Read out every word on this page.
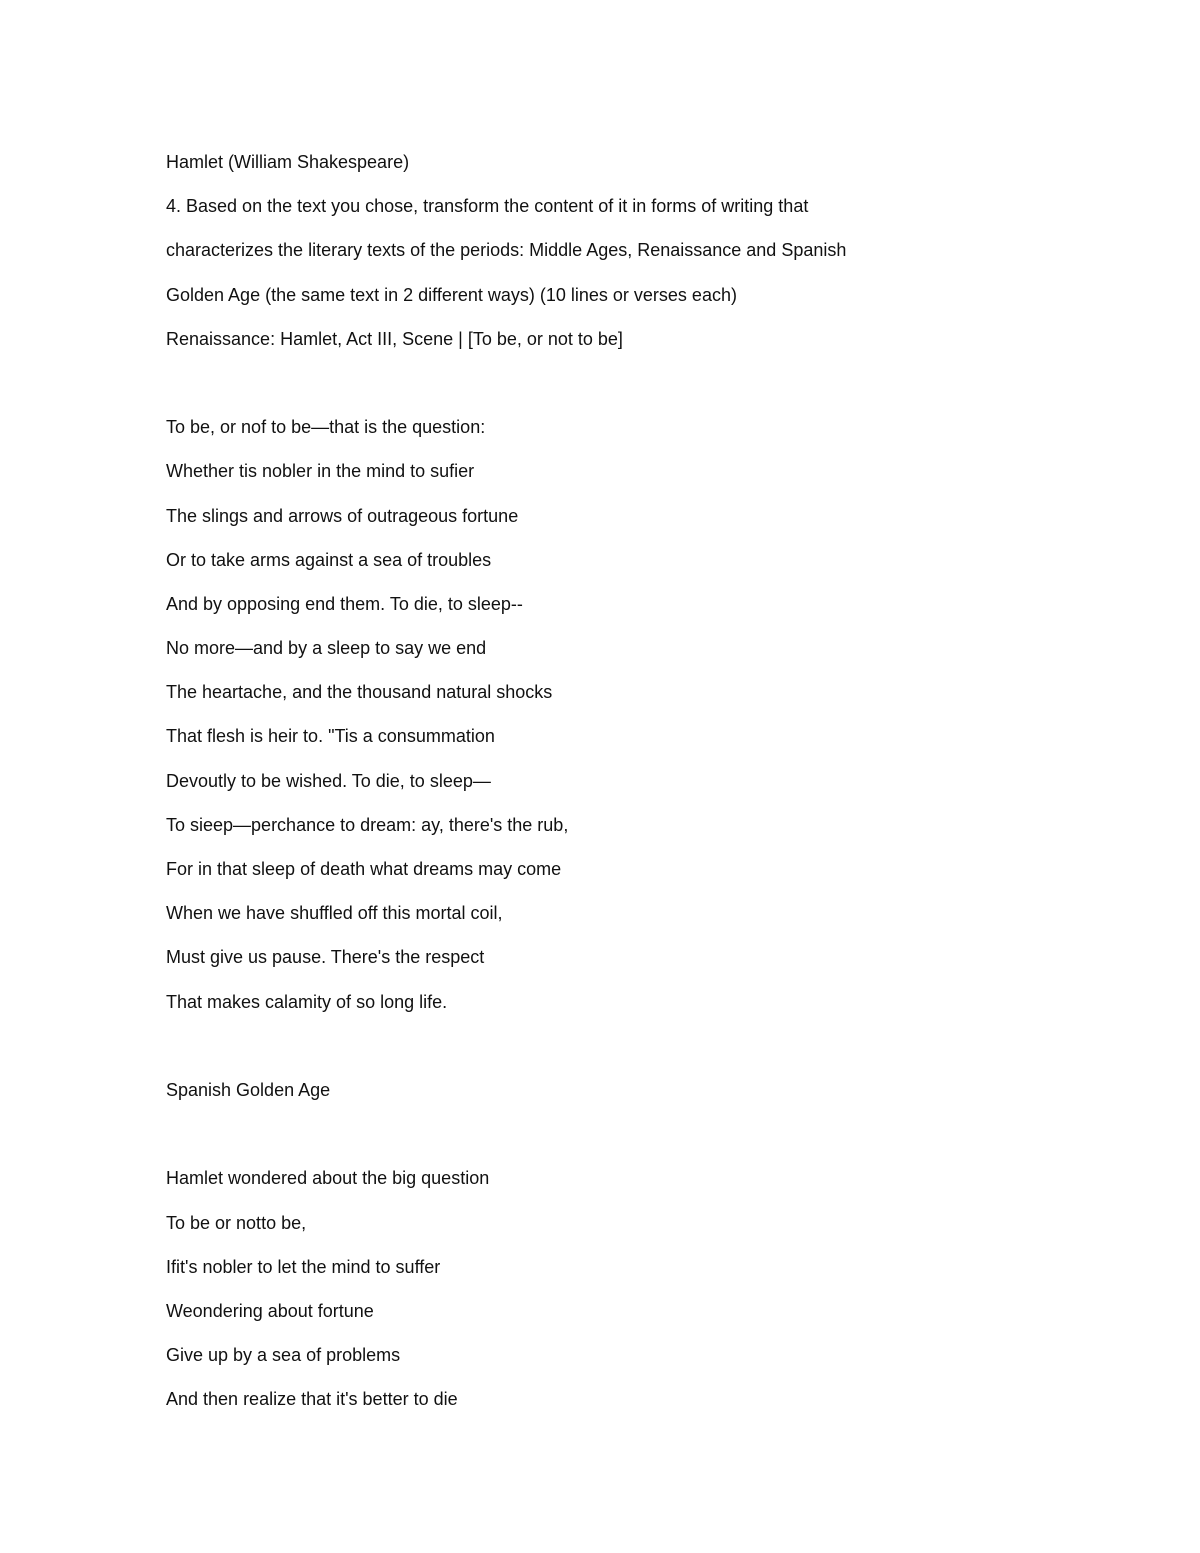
Hamlet (William Shakespeare)
4. Based on the text you chose, transform the content of it in forms of writing that
characterizes the literary texts of the periods: Middle Ages, Renaissance and Spanish
Golden Age (the same text in 2 different ways) (10 lines or verses each)
Renaissance: Hamlet, Act III, Scene | [To be, or not to be]
To be, or nof to be—that is the question:
Whether tis nobler in the mind to sufier
The slings and arrows of outrageous fortune
Or to take arms against a sea of troubles
And by opposing end them. To die, to sleep--
No more—and by a sleep to say we end
The heartache, and the thousand natural shocks
That flesh is heir to. "Tis a consummation
Devoutly to be wished. To die, to sleep—
To sieep—perchance to dream: ay, there's the rub,
For in that sleep of death what dreams may come
When we have shuffled off this mortal coil,
Must give us pause. There's the respect
That makes calamity of so long life.
Spanish Golden Age
Hamlet wondered about the big question
To be or notto be,
Ifit's nobler to let the mind to suffer
Weondering about fortune
Give up by a sea of problems
And then realize that it's better to die
